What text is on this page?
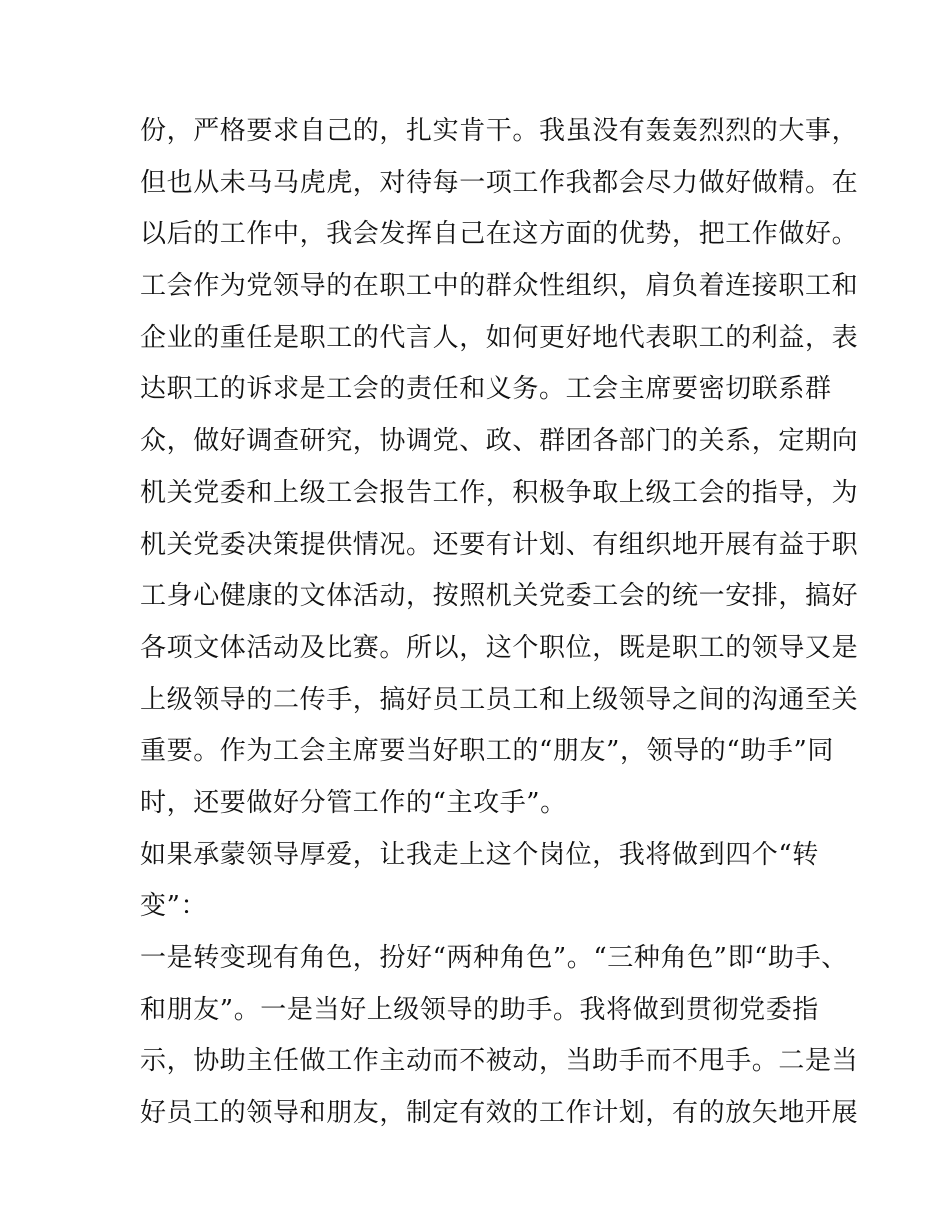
份，严格要求自己的，扎实肯干。我虽没有轰轰烈烈的大事，
但也从未马马虎虎，对待每一项工作我都会尽力做好做精。在
以后的工作中，我会发挥自己在这方面的优势，把工作做好。
工会作为党领导的在职工中的群众性组织，肩负着连接职工和
企业的重任是职工的代言人，如何更好地代表职工的利益，表
达职工的诉求是工会的责任和义务。工会主席要密切联系群
众，做好调查研究，协调党、政、群团各部门的关系，定期向
机关党委和上级工会报告工作，积极争取上级工会的指导，为
机关党委决策提供情况。还要有计划、有组织地开展有益于职
工身心健康的文体活动，按照机关党委工会的统一安排，搞好
各项文体活动及比赛。所以，这个职位，既是职工的领导又是
上级领导的二传手，搞好员工员工和上级领导之间的沟通至关
重要。作为工会主席要当好职工的“朋友”，领导的“助手”同
时，还要做好分管工作的“主攻手”。
如果承蒙领导厚爱，让我走上这个岗位，我将做到四个“转
变”：
一是转变现有角色，扮好“两种角色”。“三种角色”即“助手、
和朋友”。一是当好上级领导的助手。我将做到贯彻党委指
示，协助主任做工作主动而不被动，当助手而不甩手。二是当
好员工的领导和朋友，制定有效的工作计划，有的放矢地开展
